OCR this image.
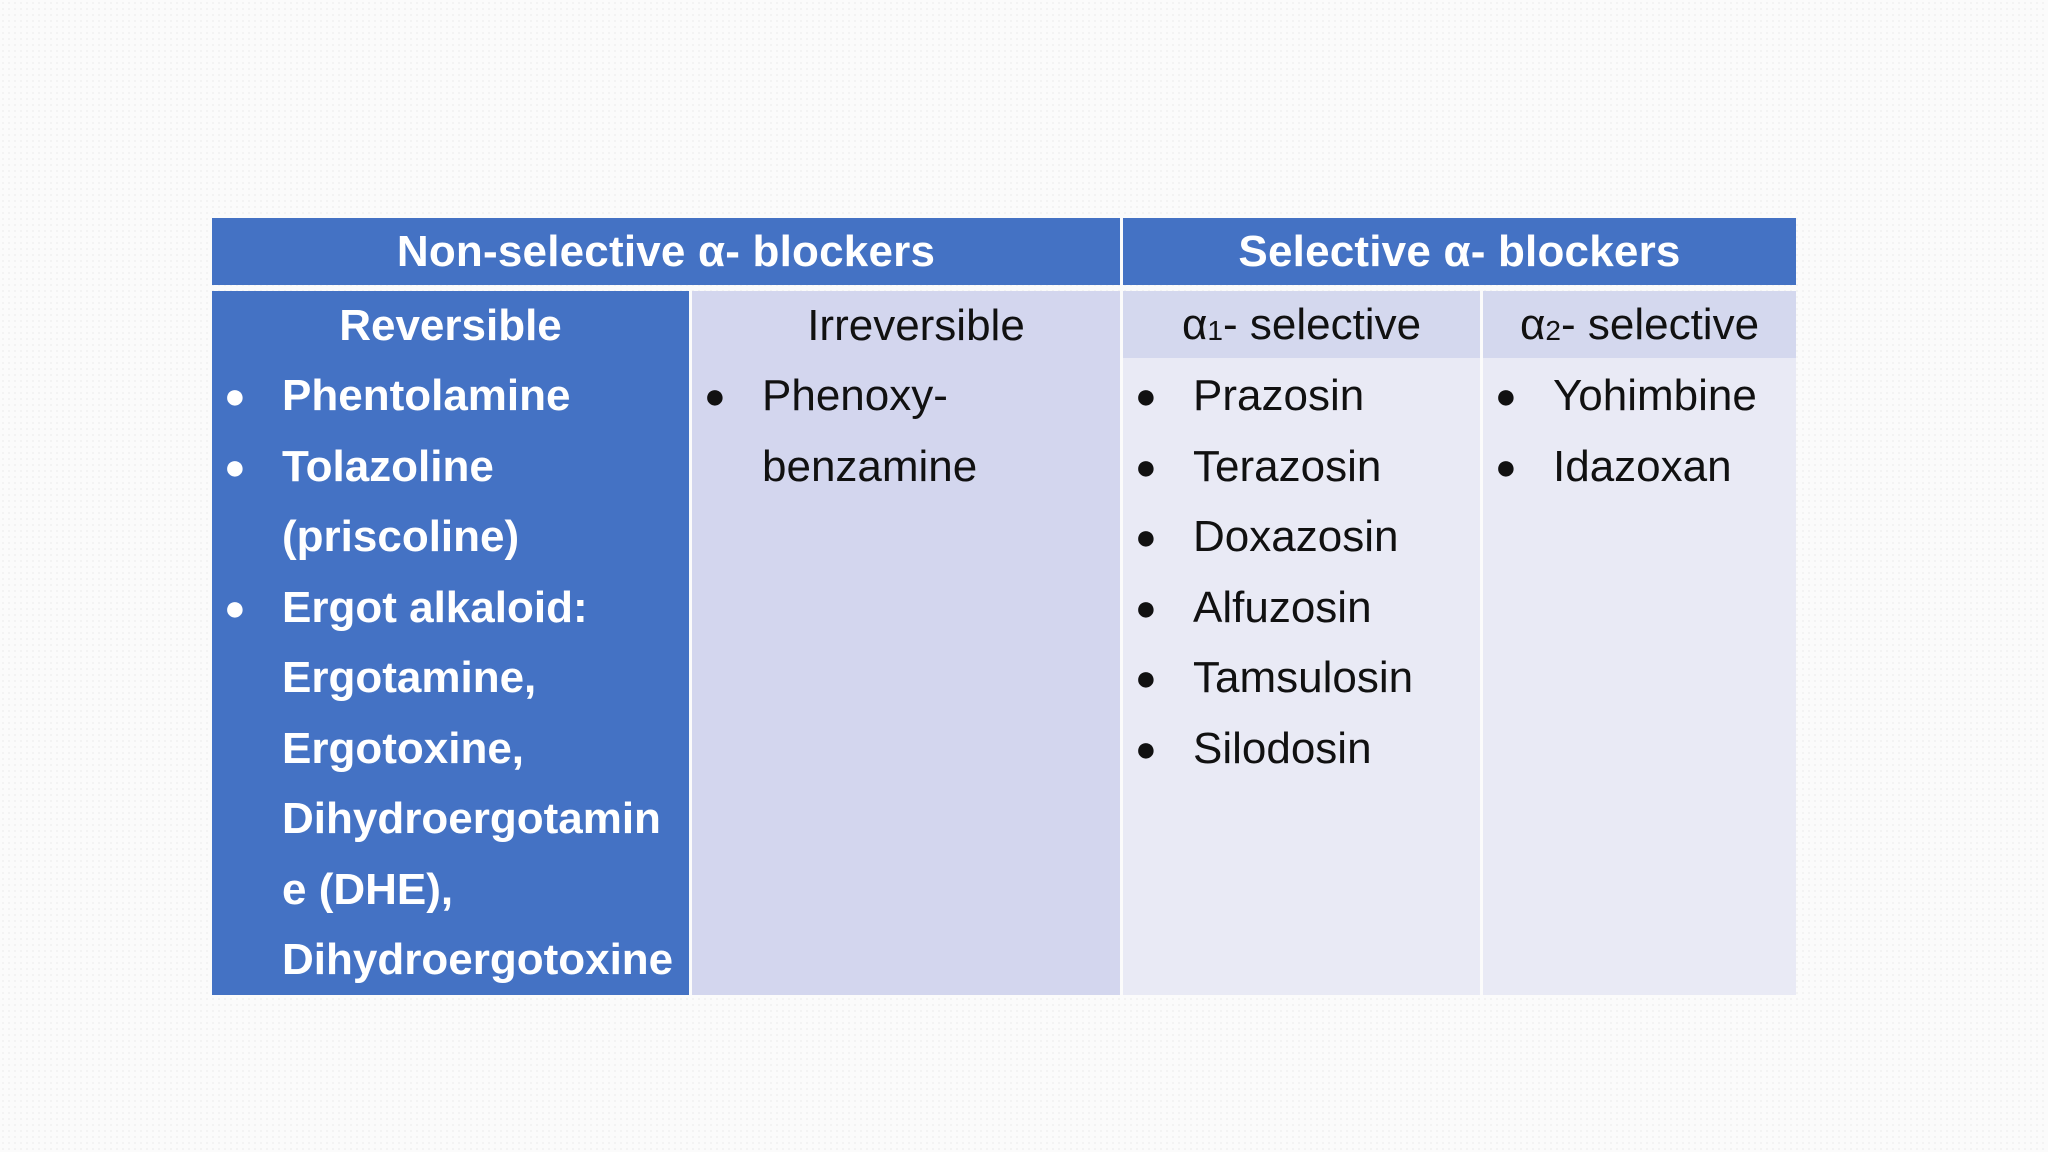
Non-selective α- blockers	Selective α- blockers
Reversible
● Phentolamine
● Tolazoline
(priscoline)
● Ergot alkaloid:
Ergotamine,
Ergotoxine,
Dihydroergotamin
e (DHE),
Dihydroergotoxine
Irreversible
● Phenoxy-
benzamine
$\alpha_1$ - selective
● Prazosin
● Terazosin
● Doxazosin
● Alfuzosin
● Tamsulosin
● Silodosin
$\alpha_2$ - selective
● Yohimbine
● Idazoxan
